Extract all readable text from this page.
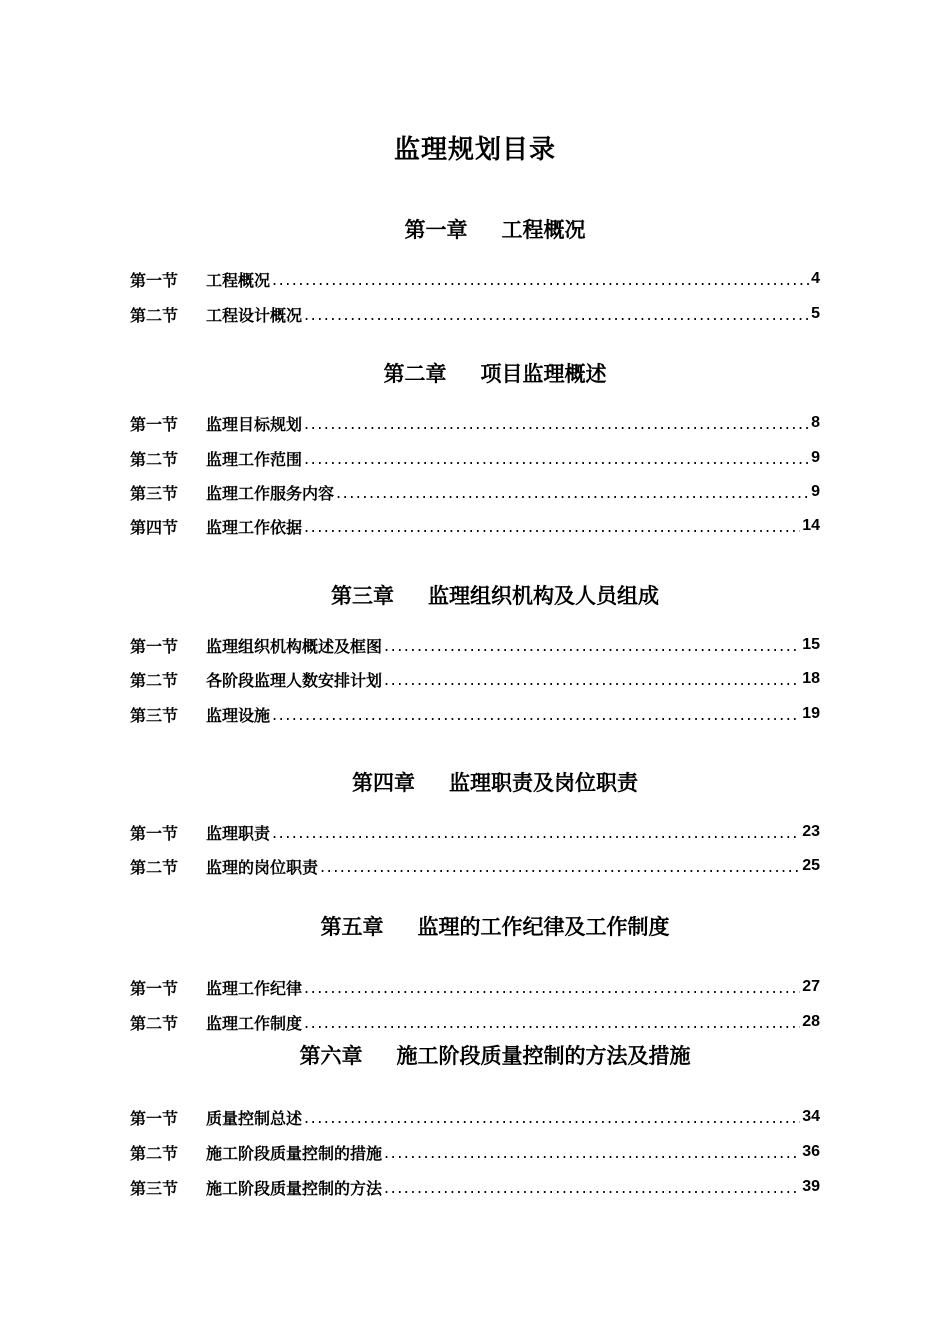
监理规划目录
第一章 工程概况
第一节	工程概况 .....	4
第二节	工程设计概况 .....	5
第二章 项目监理概述
第一节	监理目标规划 .....	8
第二节	监理工作范围 .....	9
第三节	监理工作服务内容 .....	9
第四节	监理工作依据 .....	14
第三章 监理组织机构及人员组成
第一节	监理组织机构概述及框图 .....	15
第二节	各阶段监理人数安排计划 .....	18
第三节	监理设施 .....	19
第四章 监理职责及岗位职责
第一节	监理职责 .....	23
第二节	监理的岗位职责 .....	25
第五章 监理的工作纪律及工作制度
第一节	监理工作纪律 .....	27
第二节	监理工作制度 .....	28
第六章 施工阶段质量控制的方法及措施
第一节	质量控制总述 .....	34
第二节	施工阶段质量控制的措施 .....	36
第三节	施工阶段质量控制的方法 .....	39
